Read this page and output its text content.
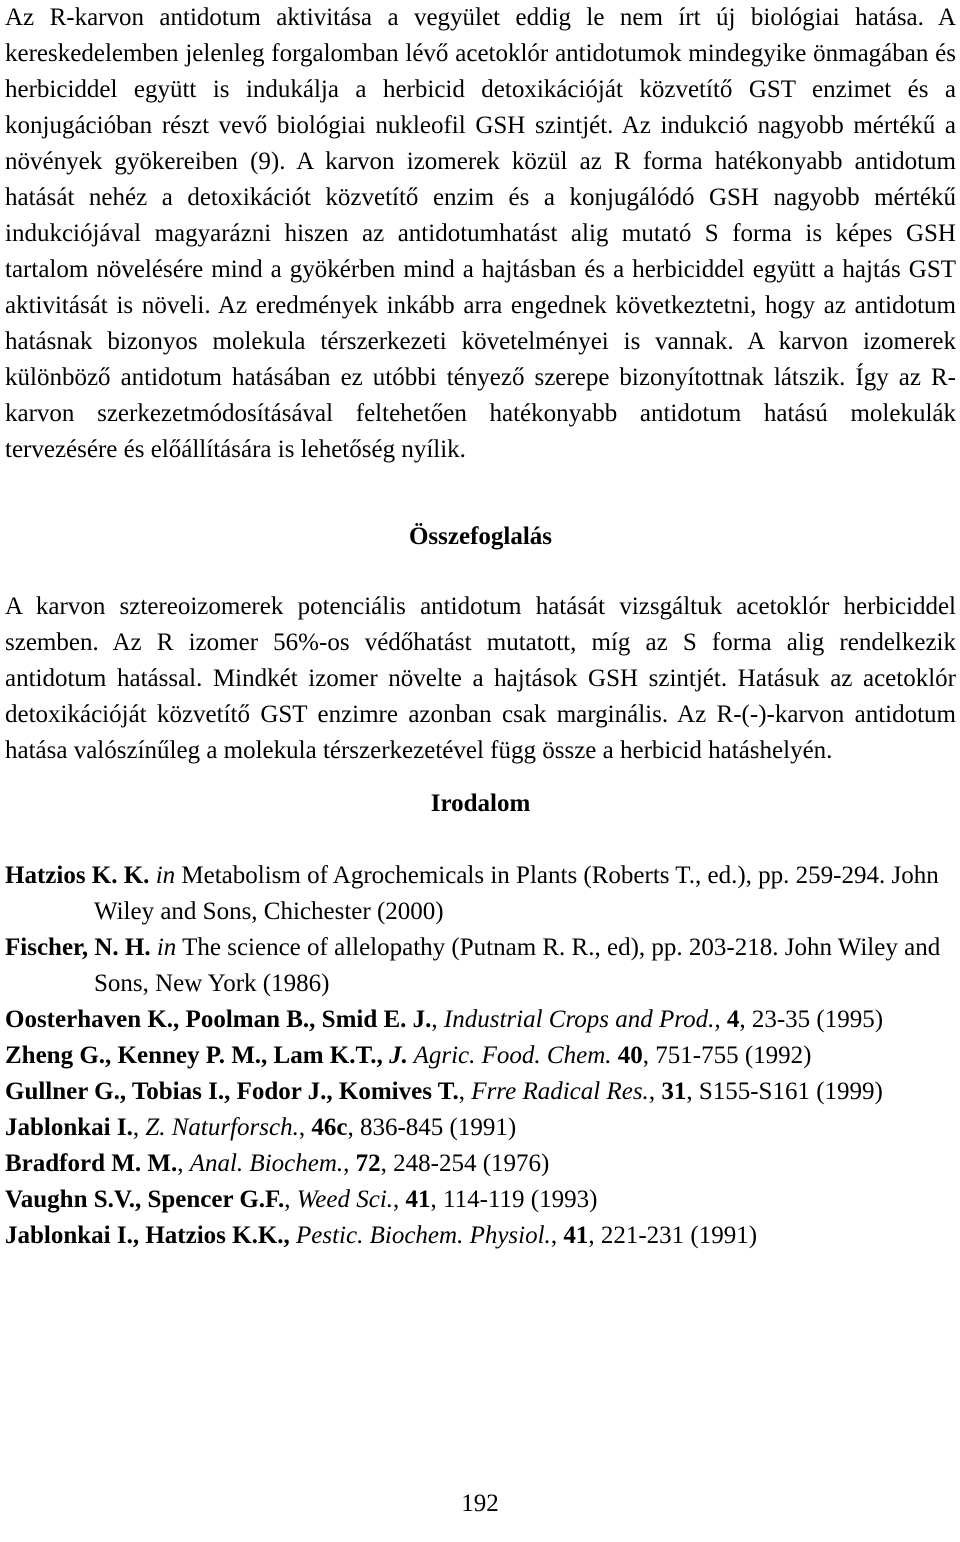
Az R-karvon antidotum aktivitása a vegyület eddig le nem írt új biológiai hatása. A kereskedelemben jelenleg forgalomban lévő acetoklór antidotumok mindegyike önmagában és herbiciddel együtt is indukálja a herbicid detoxikációját közvetítő GST enzimet és a konjugációban részt vevő biológiai nukleofil GSH szintjét. Az indukció nagyobb mértékű a növények gyökereiben (9). A karvon izomerek közül az R forma hatékonyabb antidotum hatását nehéz a detoxikációt közvetítő enzim és a konjugálódó GSH nagyobb mértékű indukciójával magyarázni hiszen az antidotumhatást alig mutató S forma is képes GSH tartalom növelésére mind a gyökérben mind a hajtásban és a herbiciddel együtt a hajtás GST aktivitását is növeli. Az eredmények inkább arra engednek következtetni, hogy az antidotum hatásnak bizonyos molekula térszerkezeti követelményei is vannak. A karvon izomerek különböző antidotum hatásában ez utóbbi tényező szerepe bizonyítottnak látszik. Így az R-karvon szerkezetmódosításával feltehetően hatékonyabb antidotum hatású molekulák tervezésére és előállítására is lehetőség nyílik.

Összefoglalás

A karvon sztereoizomerek potenciális antidotum hatását vizsgáltuk acetoklór herbiciddel szemben. Az R izomer 56%-os védőhatást mutatott, míg az S forma alig rendelkezik antidotum hatással. Mindkét izomer növelte a hajtások GSH szintjét. Hatásuk az acetoklór detoxikációját közvetítő GST enzimre azonban csak marginális. Az R-(-)-karvon antidotum hatása valószínűleg a molekula térszerkezetével függ össze a herbicid hatáshelyén.

Irodalom
Hatzios K. K. in Metabolism of Agrochemicals in Plants (Roberts T., ed.), pp. 259-294. John Wiley and Sons, Chichester (2000)
Fischer, N. H. in The science of allelopathy (Putnam R. R., ed), pp. 203-218. John Wiley and Sons, New York (1986)
Oosterhaven K., Poolman B., Smid E. J., Industrial Crops and Prod., 4, 23-35 (1995)
Zheng G., Kenney P. M., Lam K.T., J. Agric. Food. Chem. 40, 751-755 (1992)
Gullner G., Tobias I., Fodor J., Komives T., Frre Radical Res., 31, S155-S161 (1999)
Jablonkai I., Z. Naturforsch., 46c, 836-845 (1991)
Bradford M. M., Anal. Biochem., 72, 248-254 (1976)
Vaughn S.V., Spencer G.F., Weed Sci., 41, 114-119 (1993)
Jablonkai I., Hatzios K.K., Pestic. Biochem. Physiol., 41, 221-231 (1991)
192
